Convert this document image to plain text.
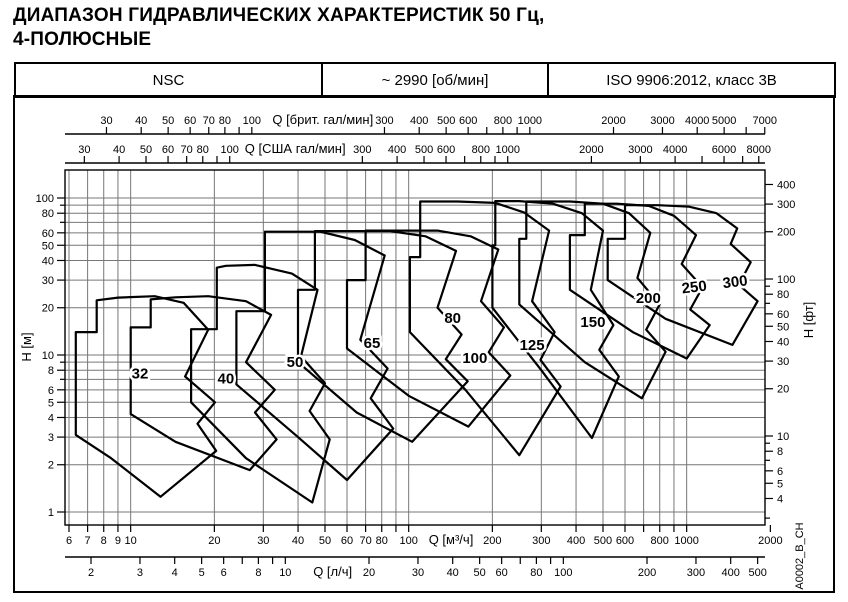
ДИАПАЗОН ГИДРАВЛИЧЕСКИХ ХАРАКТЕРИСТИК 50 Гц,
4-ПОЛЮСНЫЕ
NSC	~ 2990 [об/мин]	ISO 9906:2012, класс 3В
32	40
50
65
80
100
125
150
200
250 300
30 40 50 60 70 80 100	300 400 500 600 800 1000	2000 3000 4000 5000 7000
Q [брит. гал/мин]
30 40 50 60 70 80 100	300 400 500 600 800 1000	2000 3000 4000 6000 8000
Q [США гал/мин]
6 7 8 9 10	20	30 40 50 60 70 80 100	200	300 400 500 600 800 1000	2000
Q [м³/ч]
2	3	4 5 6	8 10	20	30 40 50 60 80 100	200	300 400 500
Q [л/ч]
1
2
3
4
5
6
8
10
20
30
40
50
60
80
100
H [м]
4
5
6
8
10
20
30
40
50
60
80
100
200
300
400
H [фт]
A0002_B_CH
